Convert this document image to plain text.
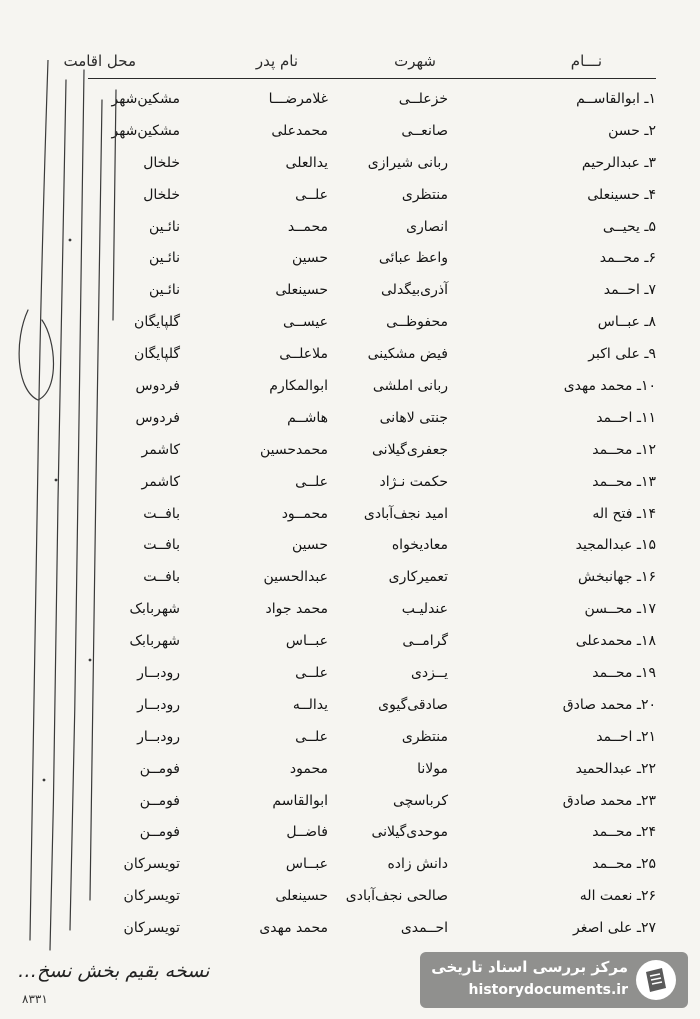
نـــام
شهرت
نام پدر
محل اقامت
۱ـ ابوالقاســم
خزعلــی
غلامرضـــا
مشکین‌شهر
۲ـ حسن
صانعــی
محمدعلی
مشکین‌شهر
۳ـ عبدالرحیم
ربانی شیرازی
یدالعلی
خلخال
۴ـ حسینعلی
منتظری
علــی
خلخال
۵ـ یحیــی
انصاری
محمــد
نائـین
۶ـ محــمد
واعظ عبائی
حسین
نائـین
۷ـ احــمد
آذری‌بیگدلی
حسینعلی
نائـین
۸ـ عبــاس
محفوظــی
عیســی
گلپایگان
۹ـ علی اکبر
فیض مشکینی
ملاعلــی
گلپایگان
۱۰ـ محمد مهدی
ربانی املشی
ابوالمکارم
فردوس
۱۱ـ احــمد
جنتی لاهانی
هاشــم
فردوس
۱۲ـ محــمد
جعفری‌گیلانی
محمدحسین
کاشمر
۱۳ـ محــمد
حکمت نـژاد
علــی
کاشمر
۱۴ـ فتح اله
امید نجف‌آبادی
محمــود
بافــت
۱۵ـ عبدالمجید
معادیخواه
حسین
بافــت
۱۶ـ جهانبخش
تعمیرکاری
عبدالحسین
بافــت
۱۷ـ محــسن
عندلیـب
محمد جواد
شهربابک
۱۸ـ محمدعلی
گرامــی
عبــاس
شهربابک
۱۹ـ محــمد
یــزدی
علــی
رودبــار
۲۰ـ محمد صادق
صادقی‌گیوی
یدالــه
رودبــار
۲۱ـ احــمد
منتظری
علــی
رودبــار
۲۲ـ عبدالحمید
مولانا
محمود
فومــن
۲۳ـ محمد صادق
کرباسچی
ابوالقاسم
فومــن
۲۴ـ محــمد
موحدی‌گیلانی
فاضــل
فومــن
۲۵ـ محــمد
دانش زاده
عبــاس
تویسرکان
۲۶ـ نعمت اله
صالحی نجف‌آبادی
حسینعلی
تویسرکان
۲۷ـ علی اصغر
احــمدی
محمد مهدی
تویسرکان
نسخه بقیم بخش نسخ…
۸۳۳۱
مرکز بررسی اسناد تاریخی
historydocuments.ir
